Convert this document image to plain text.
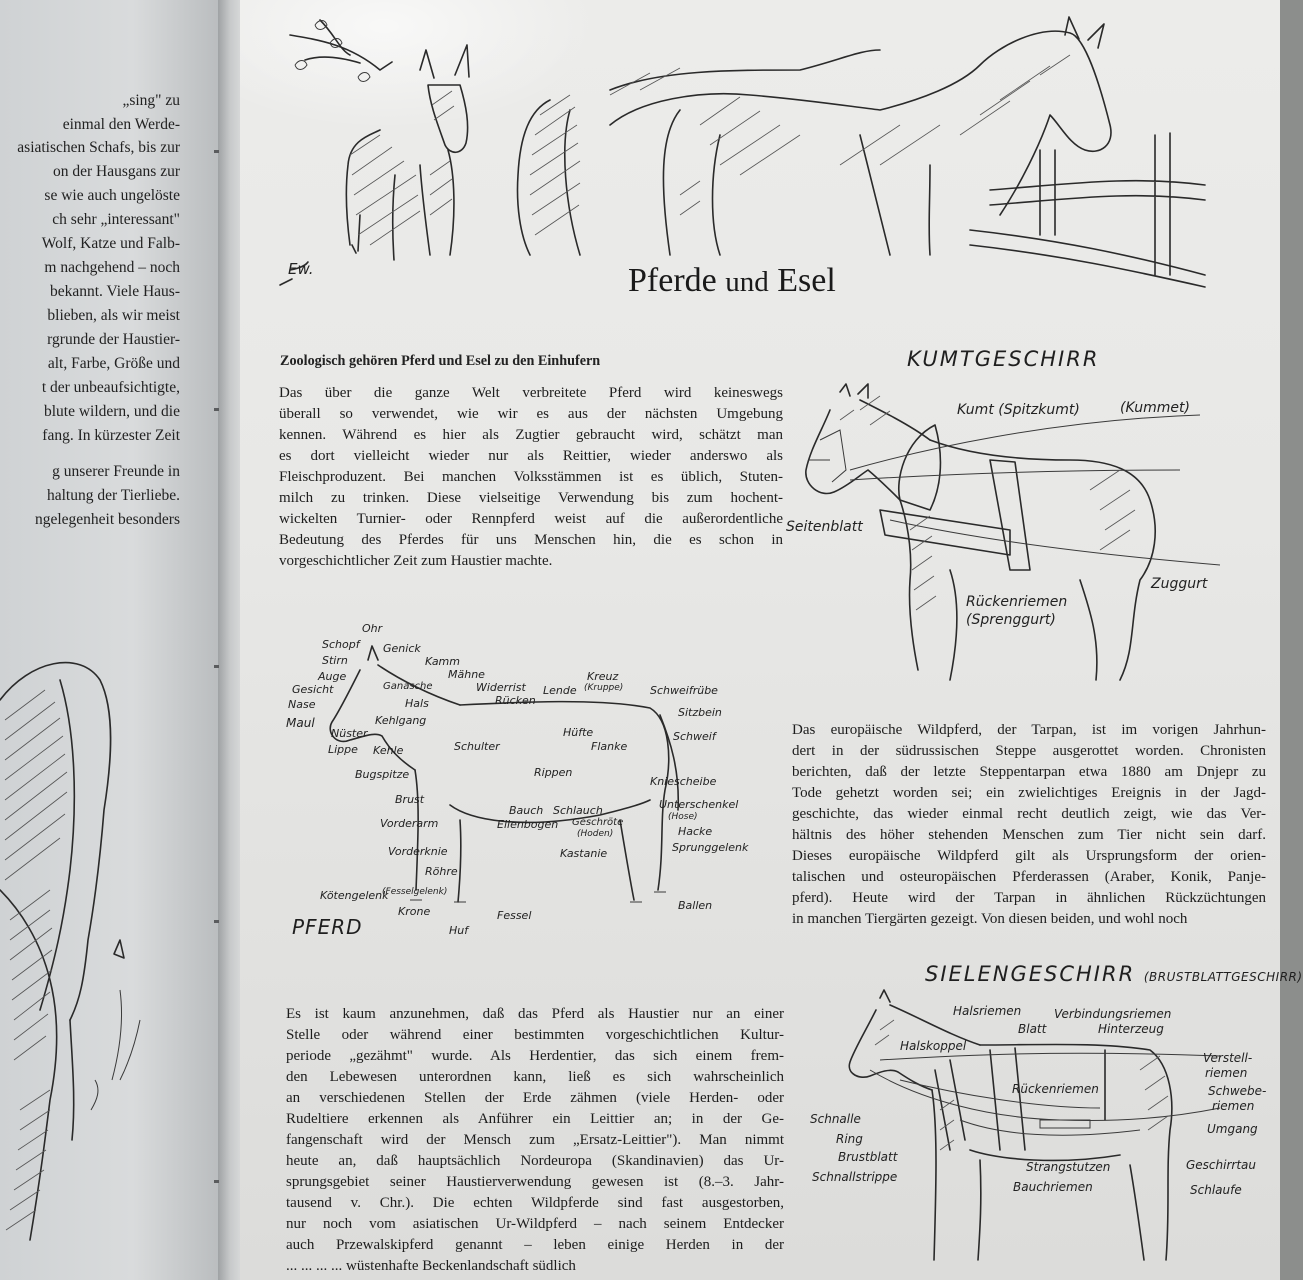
„sing" zu
einmal den Werde-
asiatischen Schafs, bis zur
on der Hausgans zur
se wie auch ungelöste
ch sehr „interessant"
Wolf, Katze und Falb-
m nachgehend – noch
bekannt. Viele Haus-
blieben, als wir meist
rgrunde der Haustier-
alt, Farbe, Größe und
t der unbeaufsichtigte,
blute wildern, und die
fang. In kürzester Zeit
g unserer Freunde in
haltung der Tierliebe.
ngelegenheit besonders
Ew.	Pferde und Esel
Zoologisch gehören Pferd und Esel zu den Einhufern
Das über die ganze Welt verbreitete Pferd wird keineswegs
überall so verwendet, wie wir es aus der nächsten Umgebung
kennen. Während es hier als Zugtier gebraucht wird, schätzt man
es dort vielleicht wieder nur als Reittier, wieder anderswo als
Fleischproduzent. Bei manchen Volksstämmen ist es üblich, Stuten-
milch zu trinken. Diese vielseitige Verwendung bis zum hochent-
wickelten Turnier- oder Rennpferd weist auf die außerordentliche
Bedeutung des Pferdes für uns Menschen hin, die es schon in
vorgeschichtlicher Zeit zum Haustier machte.
KUMTGESCHIRR
Kumt (Spitzkumt)	(Kummet)
Seitenblatt
Zuggurt
Rückenriemen
(Sprenggurt)
Ohr
Schopf Genick
Stirn	Kamm
Auge	Mähne
Gesicht	Ganasche	Widerrist
Kreuz
(Kruppe)
Lende	Schweifrübe
Nase	Hals	Rücken
Sitzbein
Maul	Kehlgang
Hüfte
Nüster	Schweif
Flanke
Lippe Kehle	Schulter
Bugspitze	Rippen
Kniescheibe
Brust
Bauch Schlauch	Unterschenkel
(Hose)
Vorderarm	Ellenbogen Geschröte
(Hoden)	Hacke
Vorderknie	Kastanie	Sprunggelenk
Röhre
Kötengelenk
(Fesselgelenk)
Ballen
Krone	Fessel
Huf
PFERD
Das europäische Wildpferd, der Tarpan, ist im vorigen Jahrhun-
dert in der südrussischen Steppe ausgerottet worden. Chronisten
berichten, daß der letzte Steppentarpan etwa 1880 am Dnjepr zu
Tode gehetzt worden sei; ein zwielichtiges Ereignis in der Jagd-
geschichte, das wieder einmal recht deutlich zeigt, wie das Ver-
hältnis des höher stehenden Menschen zum Tier nicht sein darf.
Dieses europäische Wildpferd gilt als Ursprungsform der orien-
talischen und osteuropäischen Pferderassen (Araber, Konik, Panje-
pferd). Heute wird der Tarpan in ähnlichen Rückzüchtungen
in manchen Tiergärten gezeigt. Von diesen beiden, und wohl noch
SIELENGESCHIRR (BRUSTBLATTGESCHIRR)
Halsriemen	Verbindungsriemen
Blatt	Hinterzeug
Halskoppel
Verstell-
riemen
Rückenriemen	Schwebe-
riemen
Schnalle
Umgang
Ring
Brustblatt
Geschirrtau
Strangstutzen
Schnallstrippe
Bauchriemen	Schlaufe
Es ist kaum anzunehmen, daß das Pferd als Haustier nur an einer
Stelle oder während einer bestimmten vorgeschichtlichen Kultur-
periode „gezähmt" wurde. Als Herdentier, das sich einem frem-
den Lebewesen unterordnen kann, ließ es sich wahrscheinlich
an verschiedenen Stellen der Erde zähmen (viele Herden- oder
Rudeltiere erkennen als Anführer ein Leittier an; in der Ge-
fangenschaft wird der Mensch zum „Ersatz-Leittier"). Man nimmt
heute an, daß hauptsächlich Nordeuropa (Skandinavien) das Ur-
sprungsgebiet seiner Haustierverwendung gewesen ist (8.–3. Jahr-
tausend v. Chr.). Die echten Wildpferde sind fast ausgestorben,
nur noch vom asiatischen Ur-Wildpferd – nach seinem Entdecker
auch Przewalskipferd genannt – leben einige Herden in der
... ... ... ... wüstenhafte Beckenlandschaft südlich
